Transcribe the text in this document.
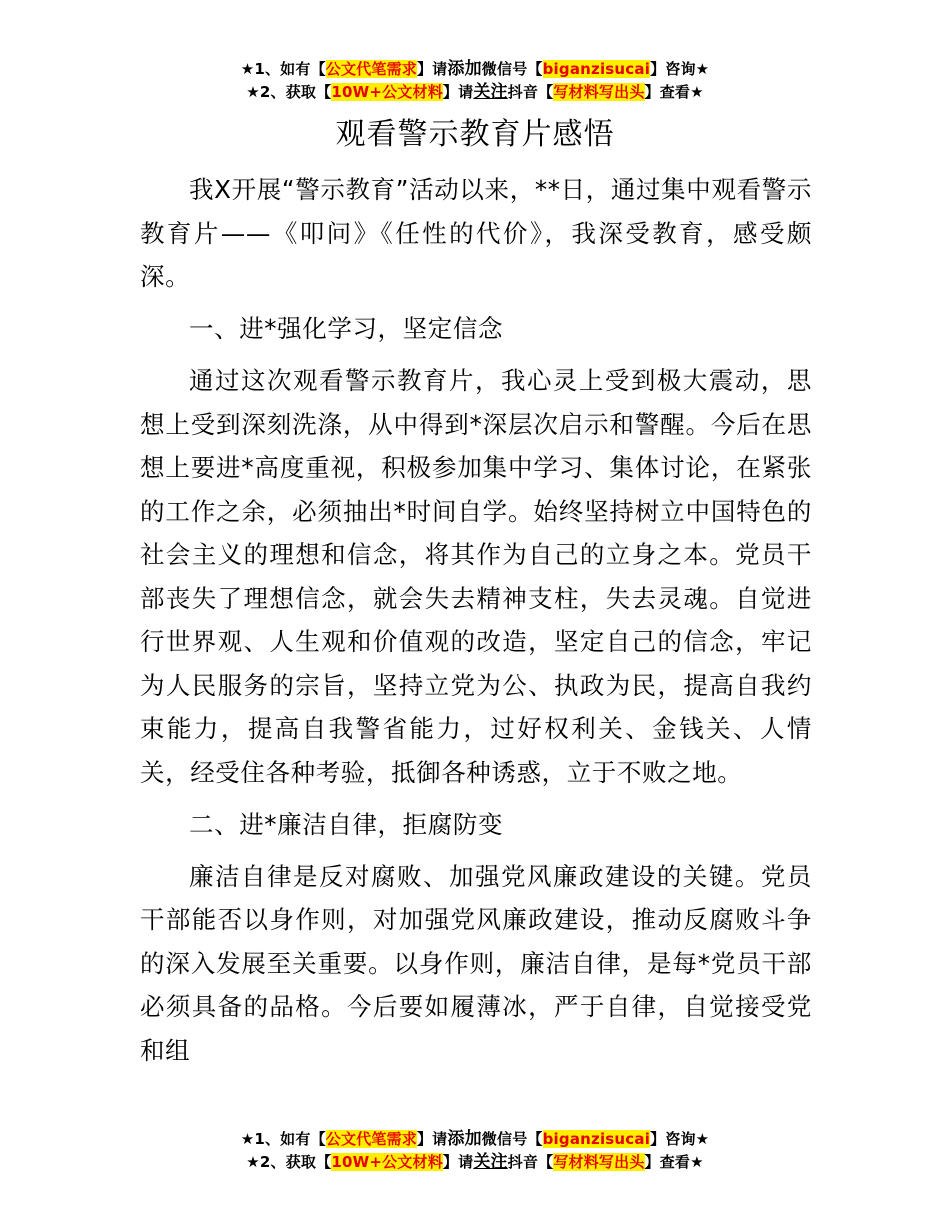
★1、如有【公文代笔需求】请添加微信号【biganzisucai】咨询★
★2、获取【10W+公文材料】请关注抖音【写材料写出头】查看★
观看警示教育片感悟

我X开展“警示教育”活动以来，**日，通过集中观看警示教育片——《叩问》《任性的代价》，我深受教育，感受颇深。

一、进*强化学习，坚定信念

通过这次观看警示教育片，我心灵上受到极大震动，思想上受到深刻洗涤，从中得到*深层次启示和警醒。今后在思想上要进*高度重视，积极参加集中学习、集体讨论，在紧张的工作之余，必须抽出*时间自学。始终坚持树立中国特色的社会主义的理想和信念，将其作为自己的立身之本。党员干部丧失了理想信念，就会失去精神支柱，失去灵魂。自觉进行世界观、人生观和价值观的改造，坚定自己的信念，牢记为人民服务的宗旨，坚持立党为公、执政为民，提高自我约束能力，提高自我警省能力，过好权利关、金钱关、人情关，经受住各种考验，抵御各种诱惑，立于不败之地。

二、进*廉洁自律，拒腐防变

廉洁自律是反对腐败、加强党风廉政建设的关键。党员干部能否以身作则，对加强党风廉政建设，推动反腐败斗争的深入发展至关重要。以身作则，廉洁自律，是每*党员干部必须具备的品格。今后要如履薄冰，严于自律，自觉接受党和组

★1、如有【公文代笔需求】请添加微信号【biganzisucai】咨询★
★2、获取【10W+公文材料】请关注抖音【写材料写出头】查看★
